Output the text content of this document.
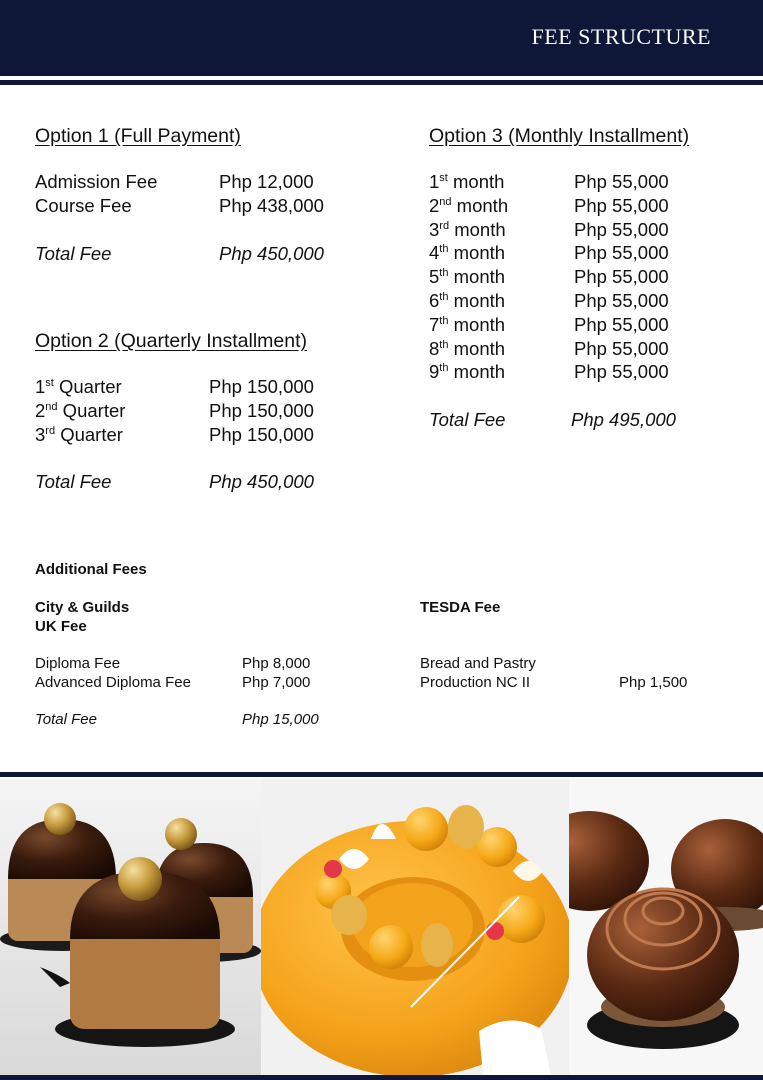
FEE STRUCTURE
Option 1 (Full Payment)
Admission Fee	Php 12,000
Course Fee	Php 438,000
Total Fee	Php 450,000
Option 2 (Quarterly Installment)
1st Quarter	Php 150,000
2nd Quarter	Php 150,000
3rd Quarter	Php 150,000
Total Fee	Php 450,000
Option 3 (Monthly Installment)
1st month	Php 55,000
2nd month	Php 55,000
3rd month	Php 55,000
4th month	Php 55,000
5th month	Php 55,000
6th month	Php 55,000
7th month	Php 55,000
8th month	Php 55,000
9th month	Php 55,000
Total Fee	Php 495,000
Additional Fees
City & Guilds
UK Fee
Diploma Fee	Php 8,000
Advanced Diploma Fee	Php 7,000
Total Fee	Php 15,000
TESDA Fee
Bread and Pastry
Production NC II	Php 1,500
